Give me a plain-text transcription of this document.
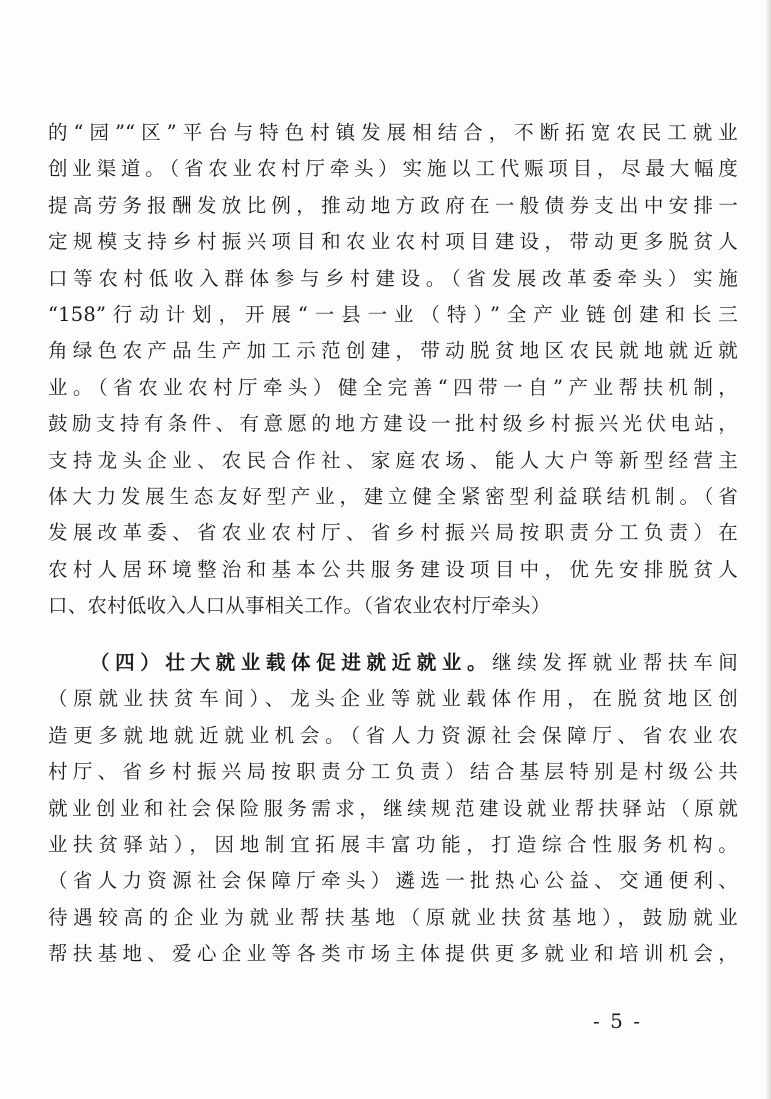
的“园”“区”平台与特色村镇发展相结合，不断拓宽农民工就业
创业渠道。（省农业农村厅牵头）实施以工代赈项目，尽最大幅度
提高劳务报酬发放比例，推动地方政府在一般债券支出中安排一
定规模支持乡村振兴项目和农业农村项目建设，带动更多脱贫人
口等农村低收入群体参与乡村建设。（省发展改革委牵头）实施
“158”行动计划，开展“一县一业（特）”全产业链创建和长三
角绿色农产品生产加工示范创建，带动脱贫地区农民就地就近就
业。（省农业农村厅牵头）健全完善“四带一自”产业帮扶机制，
鼓励支持有条件、有意愿的地方建设一批村级乡村振兴光伏电站，
支持龙头企业、农民合作社、家庭农场、能人大户等新型经营主
体大力发展生态友好型产业，建立健全紧密型利益联结机制。（省
发展改革委、省农业农村厅、省乡村振兴局按职责分工负责）在
农村人居环境整治和基本公共服务建设项目中，优先安排脱贫人
口、农村低收入人口从事相关工作。（省农业农村厅牵头）
（四）壮大就业载体促进就近就业。继续发挥就业帮扶车间
（原就业扶贫车间）、龙头企业等就业载体作用，在脱贫地区创
造更多就地就近就业机会。（省人力资源社会保障厅、省农业农
村厅、省乡村振兴局按职责分工负责）结合基层特别是村级公共
就业创业和社会保险服务需求，继续规范建设就业帮扶驿站（原就
业扶贫驿站），因地制宜拓展丰富功能，打造综合性服务机构。
（省人力资源社会保障厅牵头）遴选一批热心公益、交通便利、
待遇较高的企业为就业帮扶基地（原就业扶贫基地），鼓励就业
帮扶基地、爱心企业等各类市场主体提供更多就业和培训机会，
- 5 -
